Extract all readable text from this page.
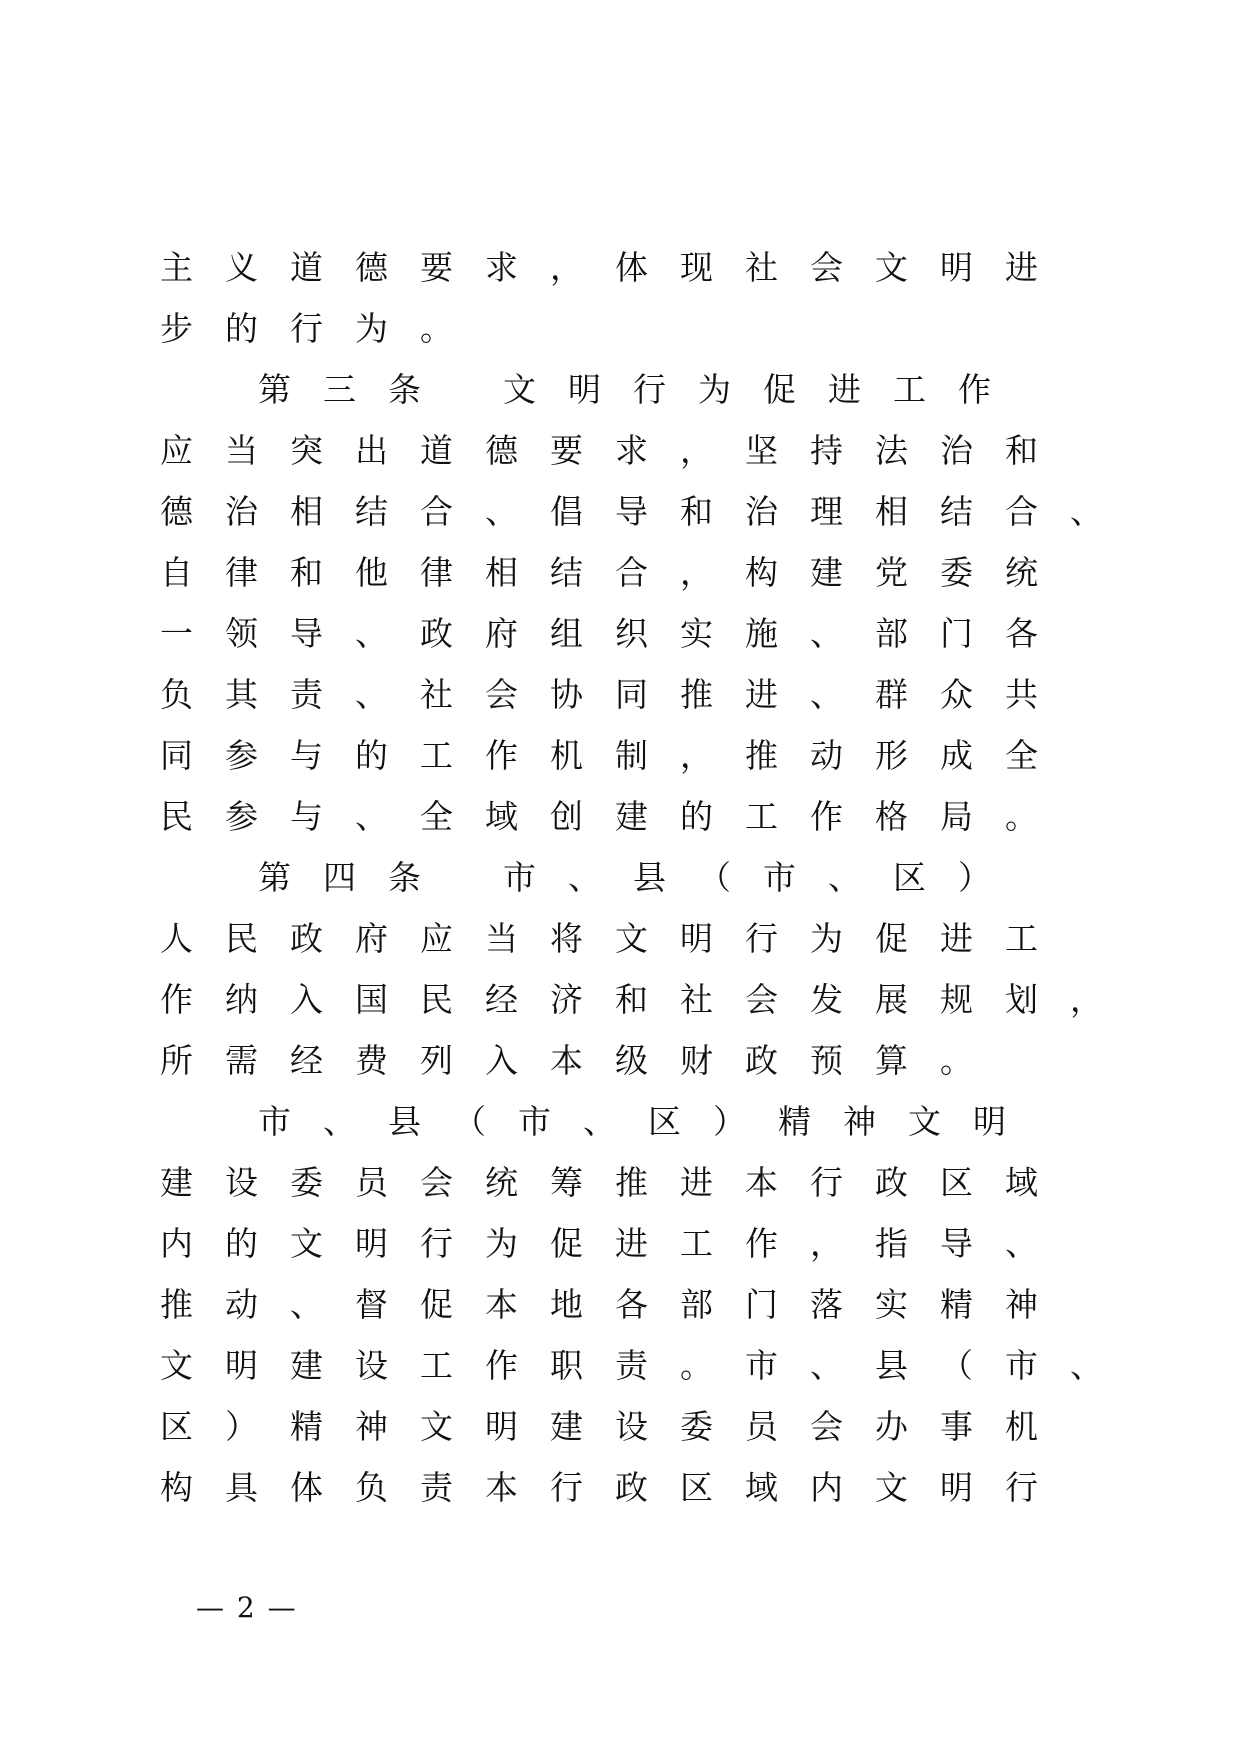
主义道德要求，体现社会文明进
步的行为。
第三条 文明行为促进工作
应当突出道德要求，坚持法治和
德治相结合、倡导和治理相结合、
自律和他律相结合，构建党委统
一领导、政府组织实施、部门各
负其责、社会协同推进、群众共
同参与的工作机制，推动形成全
民参与、全域创建的工作格局。
第四条 市、县（市、区）
人民政府应当将文明行为促进工
作纳入国民经济和社会发展规划，
所需经费列入本级财政预算。
市、县（市、区）精神文明
建设委员会统筹推进本行政区域
内的文明行为促进工作，指导、
推动、督促本地各部门落实精神
文明建设工作职责。市、县（市、
区）精神文明建设委员会办事机
构具体负责本行政区域内文明行
— 2 —
